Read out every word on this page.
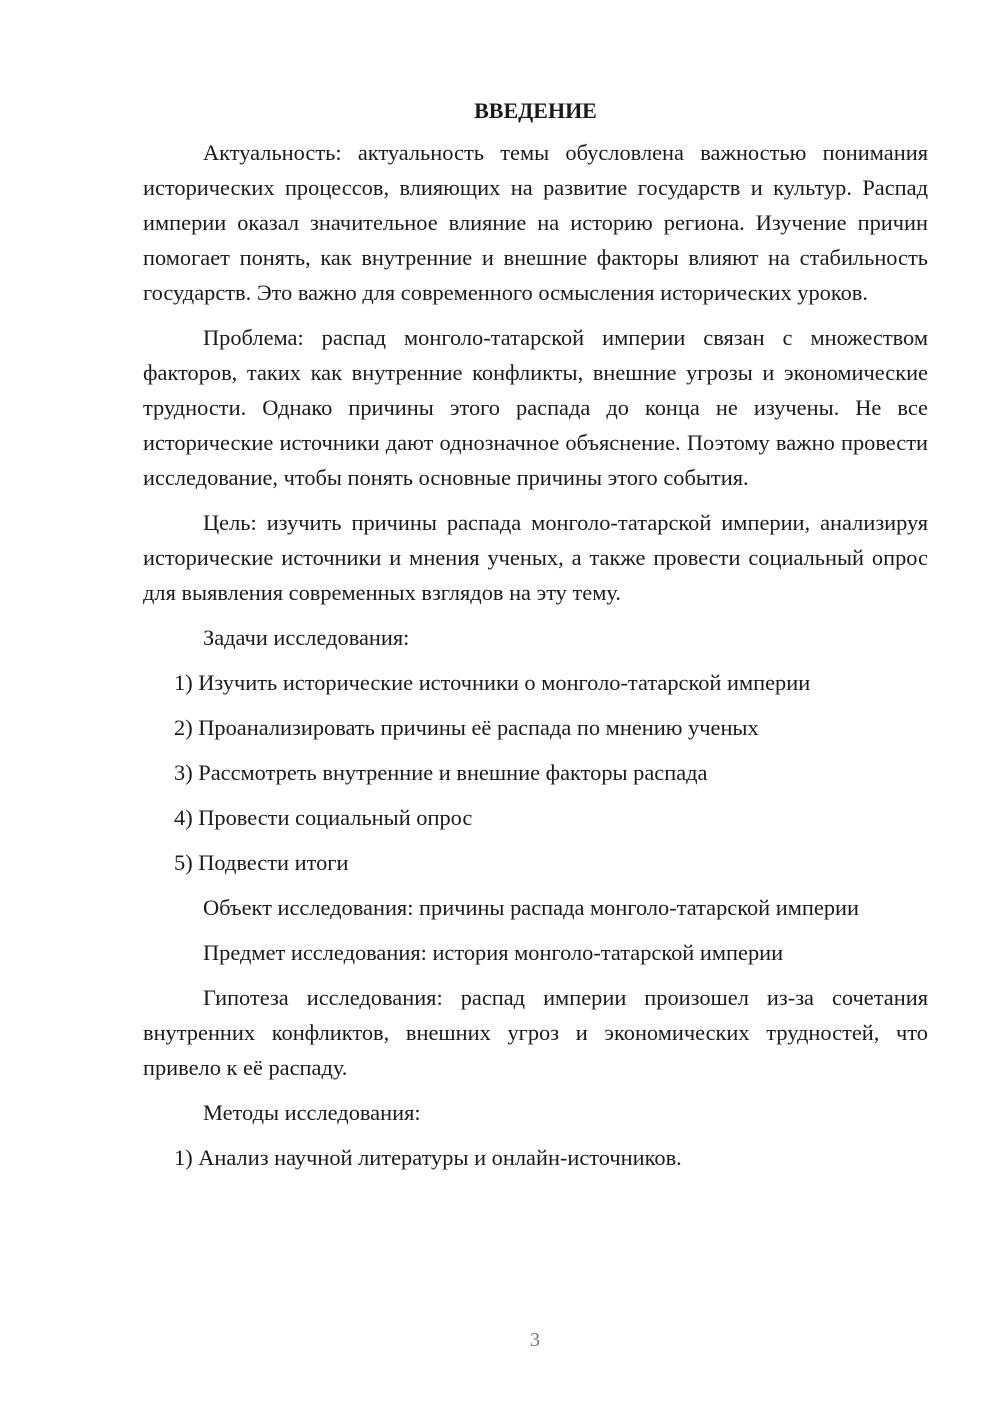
ВВЕДЕНИЕ

Актуальность: актуальность темы обусловлена важностью понимания исторических процессов, влияющих на развитие государств и культур. Распад империи оказал значительное влияние на историю региона. Изучение причин помогает понять, как внутренние и внешние факторы влияют на стабильность государств. Это важно для современного осмысления исторических уроков.

Проблема: распад монголо-татарской империи связан с множеством факторов, таких как внутренние конфликты, внешние угрозы и экономические трудности. Однако причины этого распада до конца не изучены. Не все исторические источники дают однозначное объяснение. Поэтому важно провести исследование, чтобы понять основные причины этого события.

Цель: изучить причины распада монголо-татарской империи, анализируя исторические источники и мнения ученых, а также провести социальный опрос для выявления современных взглядов на эту тему.

Задачи исследования:
1) Изучить исторические источники о монголо-татарской империи
2) Проанализировать причины её распада по мнению ученых
3) Рассмотреть внутренние и внешние факторы распада
4) Провести социальный опрос
5) Подвести итоги

Объект исследования: причины распада монголо-татарской империи

Предмет исследования: история монголо-татарской империи

Гипотеза исследования: распад империи произошел из-за сочетания внутренних конфликтов, внешних угроз и экономических трудностей, что привело к её распаду.

Методы исследования:
1) Анализ научной литературы и онлайн-источников.
3
